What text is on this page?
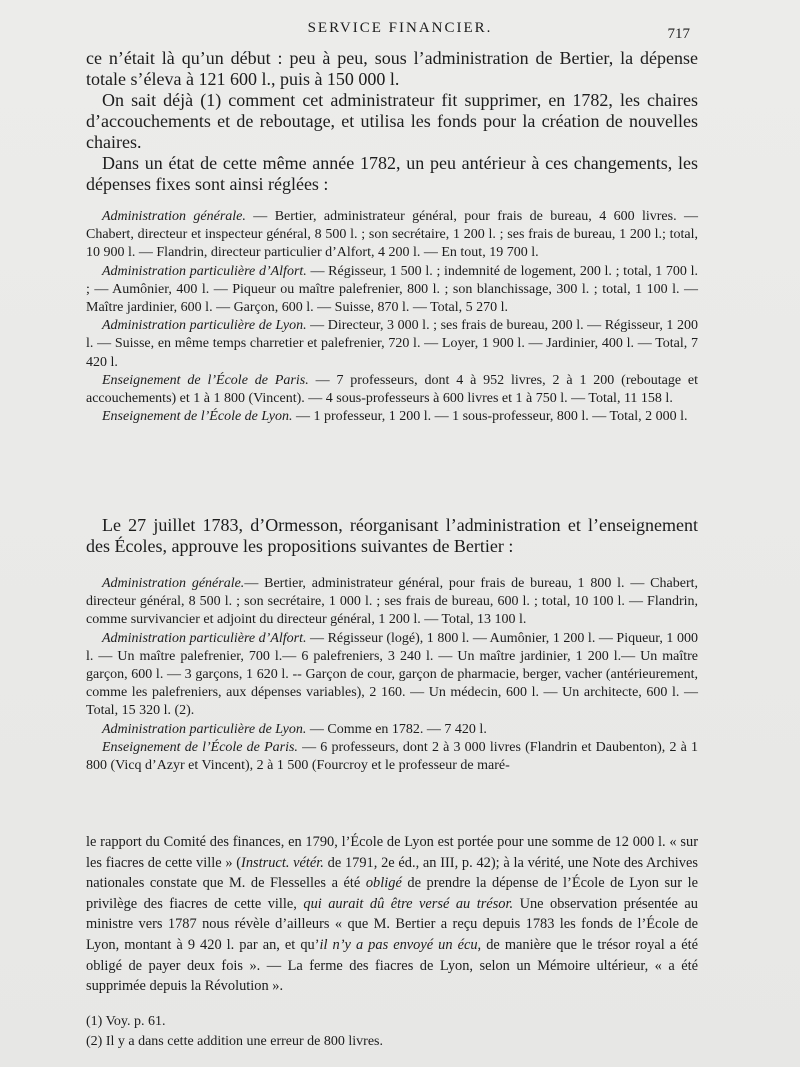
SERVICE FINANCIER.	717

ce n’était là qu’un début : peu à peu, sous l’administration de Bertier, la dépense totale s’éleva à 121 600 l., puis à 150 000 l.

On sait déjà (1) comment cet administrateur fit supprimer, en 1782, les chaires d’accouchements et de reboutage, et utilisa les fonds pour la création de nouvelles chaires.

Dans un état de cette même année 1782, un peu antérieur à ces changements, les dépenses fixes sont ainsi réglées :

Administration générale. — Bertier, administrateur général, pour frais de bureau, 4 600 livres. — Chabert, directeur et inspecteur général, 8 500 l. ; son secrétaire, 1 200 l. ; ses frais de bureau, 1 200 l.; total, 10 900 l. — Flandrin, directeur particulier d’Alfort, 4 200 l. — En tout, 19 700 l.

Administration particulière d’Alfort. — Régisseur, 1 500 l. ; indemnité de logement, 200 l. ; total, 1 700 l. ; — Aumônier, 400 l. — Piqueur ou maître palefrenier, 800 l. ; son blanchissage, 300 l. ; total, 1 100 l. — Maître jardinier, 600 l. — Garçon, 600 l. — Suisse, 870 l. — Total, 5 270 l.

Administration particulière de Lyon. — Directeur, 3 000 l. ; ses frais de bureau, 200 l. — Régisseur, 1 200 l. — Suisse, en même temps charretier et palefrenier, 720 l. — Loyer, 1 900 l. — Jardinier, 400 l. — Total, 7 420 l.

Enseignement de l’École de Paris. — 7 professeurs, dont 4 à 952 livres, 2 à 1 200 (reboutage et accouchements) et 1 à 1 800 (Vincent). — 4 sous-professeurs à 600 livres et 1 à 750 l. — Total, 11 158 l.

Enseignement de l’École de Lyon. — 1 professeur, 1 200 l. — 1 sous-professeur, 800 l. — Total, 2 000 l.

Le 27 juillet 1783, d’Ormesson, réorganisant l’administration et l’enseignement des Écoles, approuve les propositions suivantes de Bertier :

Administration générale.— Bertier, administrateur général, pour frais de bureau, 1 800 l. — Chabert, directeur général, 8 500 l. ; son secrétaire, 1 000 l. ; ses frais de bureau, 600 l. ; total, 10 100 l. — Flandrin, comme survivancier et adjoint du directeur général, 1 200 l. — Total, 13 100 l.

Administration particulière d’Alfort. — Régisseur (logé), 1 800 l. — Aumônier, 1 200 l. — Piqueur, 1 000 l. — Un maître palefrenier, 700 l.— 6 palefreniers, 3 240 l. — Un maître jardinier, 1 200 l.— Un maître garçon, 600 l. — 3 garçons, 1 620 l. -- Garçon de cour, garçon de pharmacie, berger, vacher (antérieurement, comme les palefreniers, aux dépenses variables), 2 160. — Un médecin, 600 l. — Un architecte, 600 l. — Total, 15 320 l. (2).

Administration particulière de Lyon. — Comme en 1782. — 7 420 l.

Enseignement de l’École de Paris. — 6 professeurs, dont 2 à 3 000 livres (Flandrin et Daubenton), 2 à 1 800 (Vicq d’Azyr et Vincent), 2 à 1 500 (Fourcroy et le professeur de maré-

le rapport du Comité des finances, en 1790, l’École de Lyon est portée pour une somme de 12 000 l. « sur les fiacres de cette ville » (Instruct. vétér. de 1791, 2e éd., an III, p. 42); à la vérité, une Note des Archives nationales constate que M. de Flesselles a été obligé de prendre la dépense de l’École de Lyon sur le privilège des fiacres de cette ville, qui aurait dû être versé au trésor. Une observation présentée au ministre vers 1787 nous révèle d’ailleurs « que M. Bertier a reçu depuis 1783 les fonds de l’École de Lyon, montant à 9 420 l. par an, et qu’il n’y a pas envoyé un écu, de manière que le trésor royal a été obligé de payer deux fois ». — La ferme des fiacres de Lyon, selon un Mémoire ultérieur, « a été supprimée depuis la Révolution ».

(1) Voy. p. 61.

(2) Il y a dans cette addition une erreur de 800 livres.
